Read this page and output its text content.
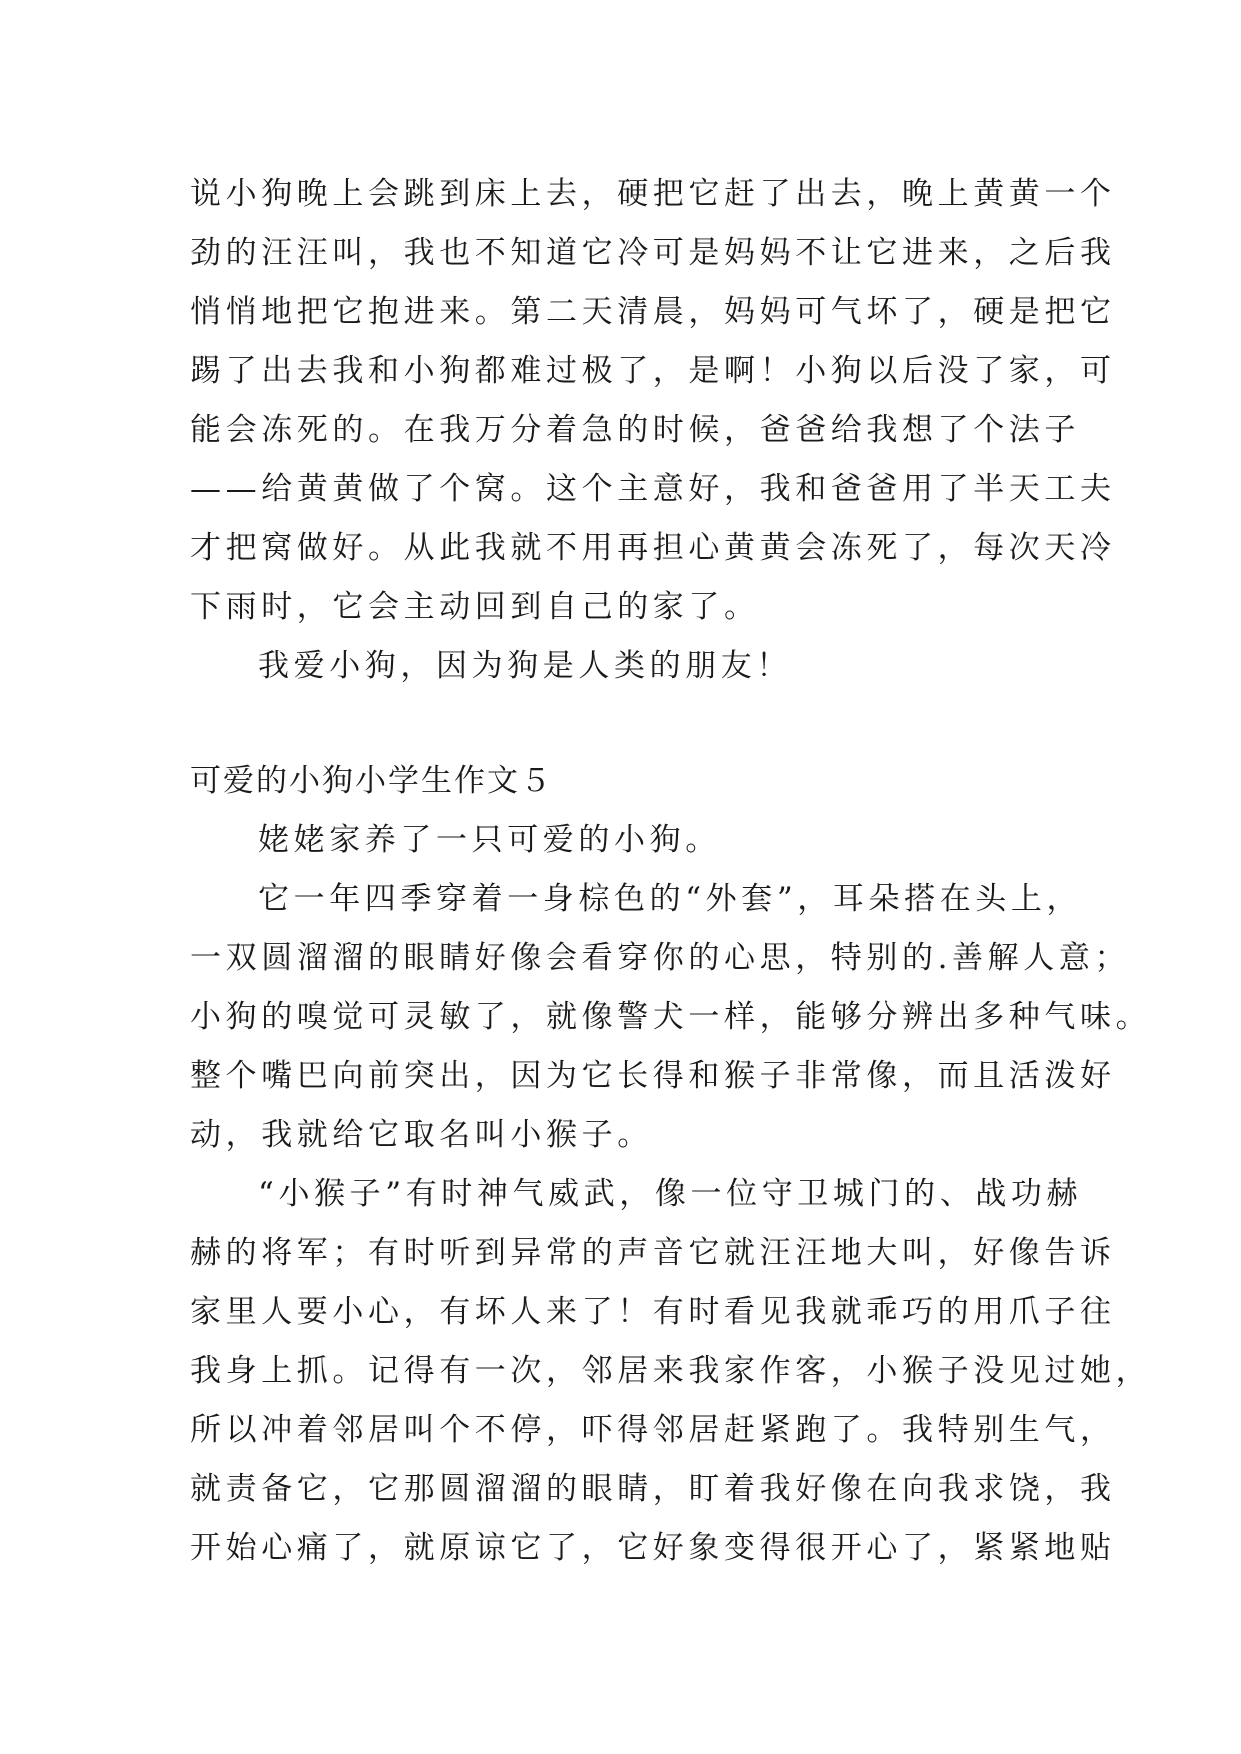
说小狗晚上会跳到床上去，硬把它赶了出去，晚上黄黄一个
劲的汪汪叫，我也不知道它冷可是妈妈不让它进来，之后我
悄悄地把它抱进来。第二天清晨，妈妈可气坏了，硬是把它
踢了出去我和小狗都难过极了，是啊！小狗以后没了家，可
能会冻死的。在我万分着急的时候，爸爸给我想了个法子
——给黄黄做了个窝。这个主意好，我和爸爸用了半天工夫
才把窝做好。从此我就不用再担心黄黄会冻死了，每次天冷
下雨时，它会主动回到自己的家了。
我爱小狗，因为狗是人类的朋友！
可爱的小狗小学生作文５
姥姥家养了一只可爱的小狗。
它一年四季穿着一身棕色的“外套”，耳朵搭在头上，
一双圆溜溜的眼睛好像会看穿你的心思，特别的.善解人意；
小狗的嗅觉可灵敏了，就像警犬一样，能够分辨出多种气味。
整个嘴巴向前突出，因为它长得和猴子非常像，而且活泼好
动，我就给它取名叫小猴子。
“小猴子”有时神气威武，像一位守卫城门的、战功赫
赫的将军；有时听到异常的声音它就汪汪地大叫，好像告诉
家里人要小心，有坏人来了！有时看见我就乖巧的用爪子往
我身上抓。记得有一次，邻居来我家作客，小猴子没见过她，
所以冲着邻居叫个不停，吓得邻居赶紧跑了。我特别生气，
就责备它，它那圆溜溜的眼睛，盯着我好像在向我求饶，我
开始心痛了，就原谅它了，它好象变得很开心了，紧紧地贴
